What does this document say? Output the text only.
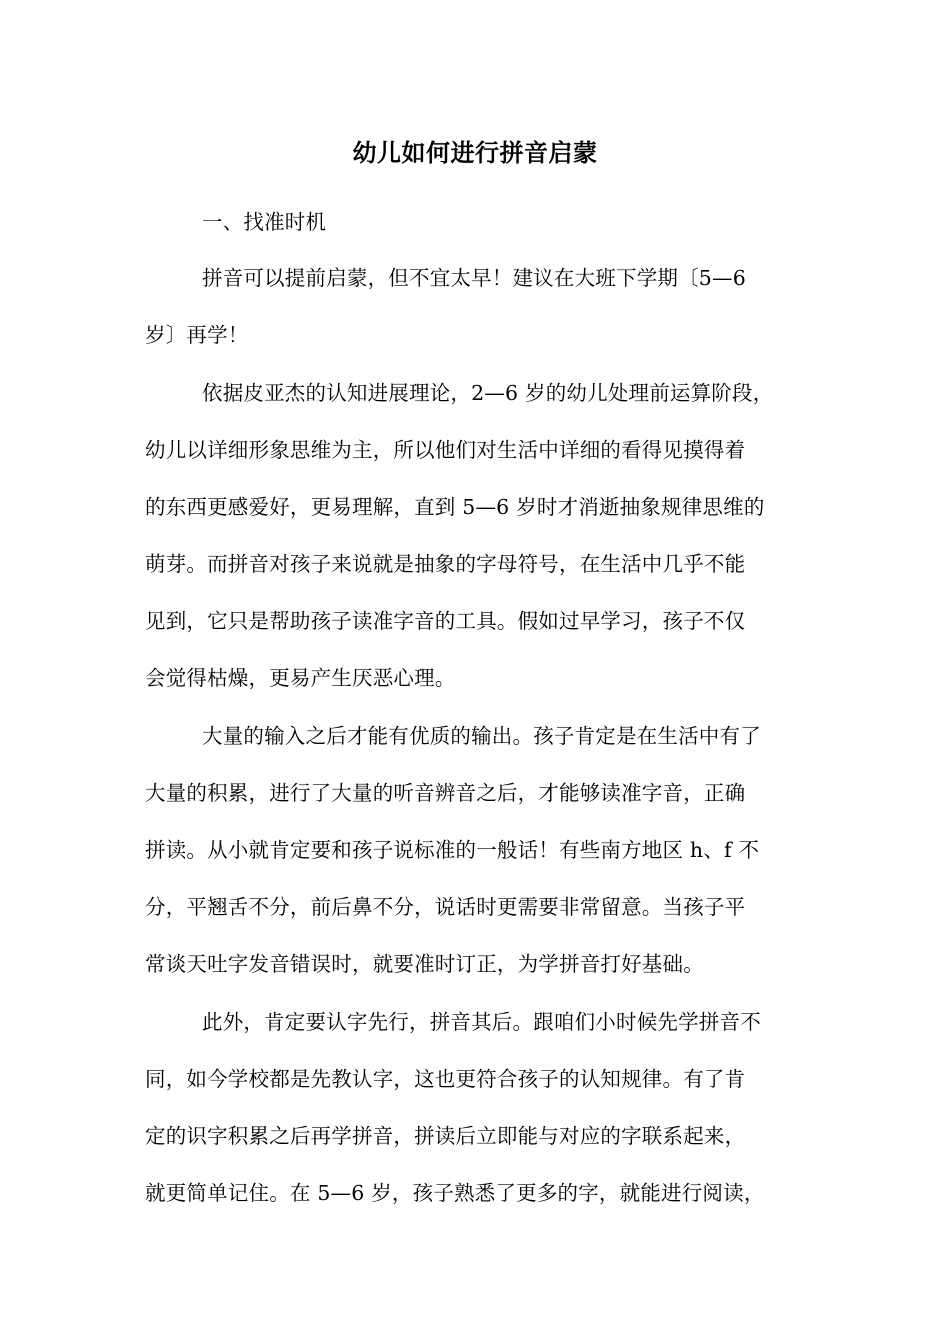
幼儿如何进行拼音启蒙
一、找准时机
拼音可以提前启蒙，但不宜太早！建议在大班下学期〔5—6
岁〕再学！
依据皮亚杰的认知进展理论，2—6 岁的幼儿处理前运算阶段，
幼儿以详细形象思维为主，所以他们对生活中详细的看得见摸得着
的东西更感爱好，更易理解，直到 5—6 岁时才消逝抽象规律思维的
萌芽。而拼音对孩子来说就是抽象的字母符号，在生活中几乎不能
见到，它只是帮助孩子读准字音的工具。假如过早学习，孩子不仅
会觉得枯燥，更易产生厌恶心理。
大量的输入之后才能有优质的输出。孩子肯定是在生活中有了
大量的积累，进行了大量的听音辨音之后，才能够读准字音，正确
拼读。从小就肯定要和孩子说标准的一般话！有些南方地区 h、f 不
分，平翘舌不分，前后鼻不分，说话时更需要非常留意。当孩子平
常谈天吐字发音错误时，就要准时订正，为学拼音打好基础。
此外，肯定要认字先行，拼音其后。跟咱们小时候先学拼音不
同，如今学校都是先教认字，这也更符合孩子的认知规律。有了肯
定的识字积累之后再学拼音，拼读后立即能与对应的字联系起来，
就更简单记住。在 5—6 岁，孩子熟悉了更多的字，就能进行阅读，
